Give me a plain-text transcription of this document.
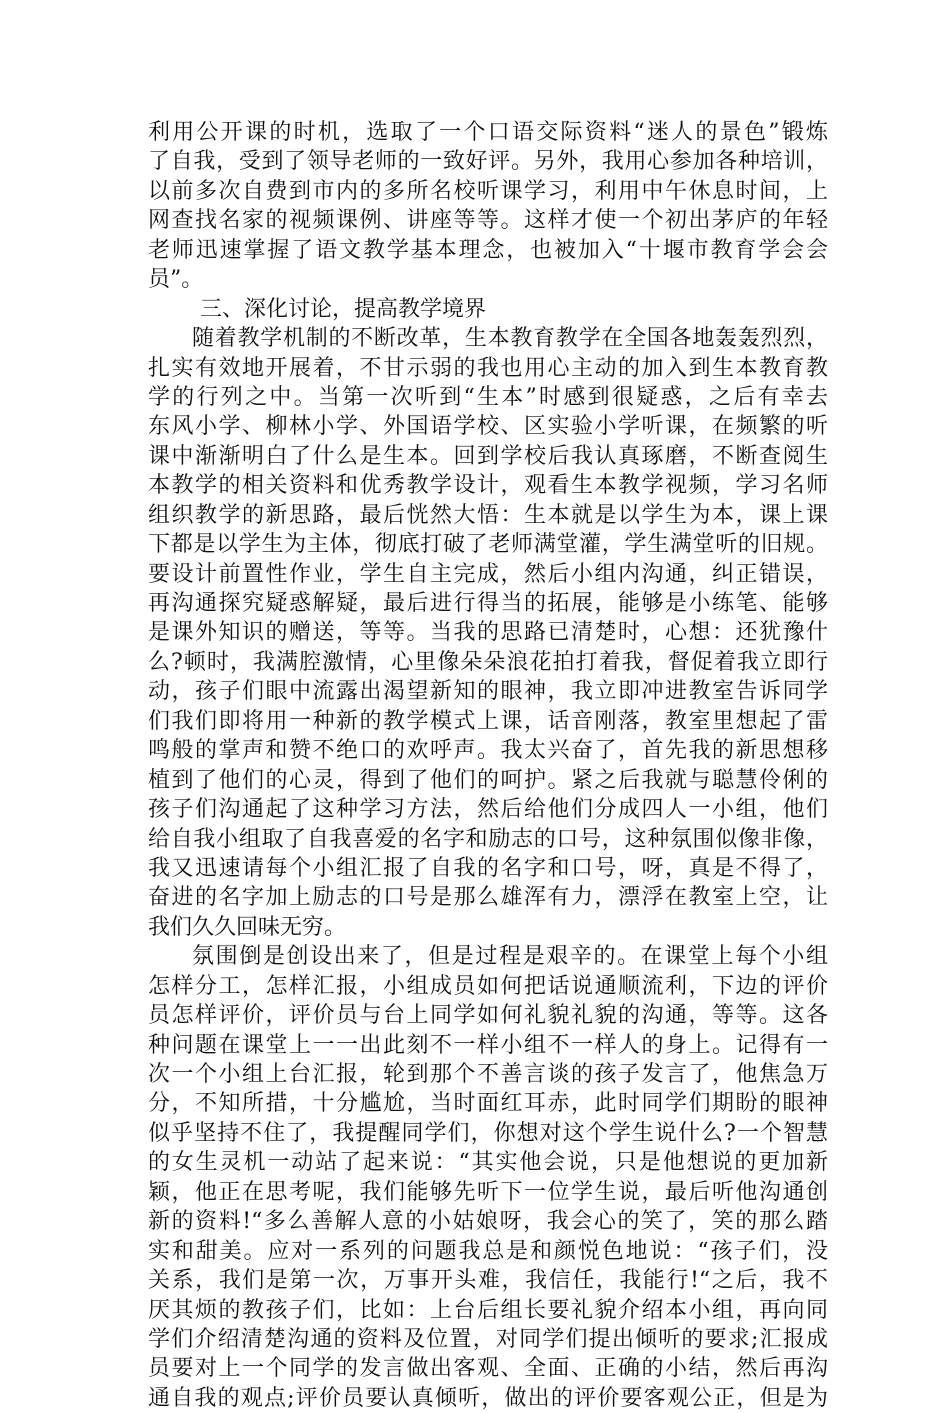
利用公开课的时机，选取了一个口语交际资料“迷人的景色”锻炼
了自我，受到了领导老师的一致好评。另外，我用心参加各种培训，
以前多次自费到市内的多所名校听课学习，利用中午休息时间，上
网查找名家的视频课例、讲座等等。这样才使一个初出茅庐的年轻
老师迅速掌握了语文教学基本理念，也被加入“十堰市教育学会会
员”。
三、深化讨论，提高教学境界
随着教学机制的不断改革，生本教育教学在全国各地轰轰烈烈，
扎实有效地开展着，不甘示弱的我也用心主动的加入到生本教育教
学的行列之中。当第一次听到“生本”时感到很疑惑，之后有幸去
东风小学、柳林小学、外国语学校、区实验小学听课，在频繁的听
课中渐渐明白了什么是生本。回到学校后我认真琢磨，不断查阅生
本教学的相关资料和优秀教学设计，观看生本教学视频，学习名师
组织教学的新思路，最后恍然大悟：生本就是以学生为本，课上课
下都是以学生为主体，彻底打破了老师满堂灌，学生满堂听的旧规。
要设计前置性作业，学生自主完成，然后小组内沟通，纠正错误，
再沟通探究疑惑解疑，最后进行得当的拓展，能够是小练笔、能够
是课外知识的赠送，等等。当我的思路已清楚时，心想：还犹豫什
么?顿时，我满腔激情，心里像朵朵浪花拍打着我，督促着我立即行
动，孩子们眼中流露出渴望新知的眼神，我立即冲进教室告诉同学
们我们即将用一种新的教学模式上课，话音刚落，教室里想起了雷
鸣般的掌声和赞不绝口的欢呼声。我太兴奋了，首先我的新思想移
植到了他们的心灵，得到了他们的呵护。紧之后我就与聪慧伶俐的
孩子们沟通起了这种学习方法，然后给他们分成四人一小组，他们
给自我小组取了自我喜爱的名字和励志的口号，这种氛围似像非像，
我又迅速请每个小组汇报了自我的名字和口号，呀，真是不得了，
奋进的名字加上励志的口号是那么雄浑有力，漂浮在教室上空，让
我们久久回味无穷。
氛围倒是创设出来了，但是过程是艰辛的。在课堂上每个小组
怎样分工，怎样汇报，小组成员如何把话说通顺流利，下边的评价
员怎样评价，评价员与台上同学如何礼貌礼貌的沟通，等等。这各
种问题在课堂上一一出此刻不一样小组不一样人的身上。记得有一
次一个小组上台汇报，轮到那个不善言谈的孩子发言了，他焦急万
分，不知所措，十分尴尬，当时面红耳赤，此时同学们期盼的眼神
似乎坚持不住了，我提醒同学们，你想对这个学生说什么?一个智慧
的女生灵机一动站了起来说：“其实他会说，只是他想说的更加新
颖，他正在思考呢，我们能够先听下一位学生说，最后听他沟通创
新的资料!“多么善解人意的小姑娘呀，我会心的笑了，笑的那么踏
实和甜美。应对一系列的问题我总是和颜悦色地说：“孩子们，没
关系，我们是第一次，万事开头难，我信任，我能行!“之后，我不
厌其烦的教孩子们，比如：上台后组长要礼貌介绍本小组，再向同
学们介绍清楚沟通的资料及位置，对同学们提出倾听的要求;汇报成
员要对上一个同学的发言做出客观、全面、正确的小结，然后再沟
通自我的观点;评价员要认真倾听，做出的评价要客观公正，但是为
